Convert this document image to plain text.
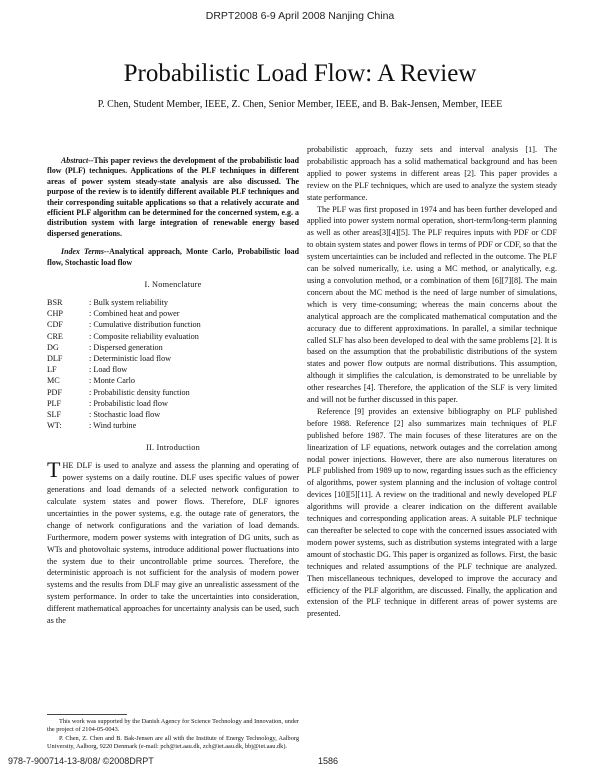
DRPT2008 6-9 April 2008 Nanjing China
Probabilistic Load Flow: A Review
P. Chen, Student Member, IEEE, Z. Chen, Senior Member, IEEE, and B. Bak-Jensen, Member, IEEE

Abstract--This paper reviews the development of the probabilistic load flow (PLF) techniques. Applications of the PLF techniques in different areas of power system steady-state analysis are also discussed. The purpose of the review is to identify different available PLF techniques and their corresponding suitable applications so that a relatively accurate and efficient PLF algorithm can be determined for the concerned system, e.g. a distribution system with large integration of renewable energy based dispersed generations.

Index Terms--Analytical approach, Monte Carlo, Probabilistic load flow, Stochastic load flow

I. Nomenclature
BSR	: Bulk system reliability
CHP	: Combined heat and power
CDF	: Cumulative distribution function
CRE	: Composite reliability evaluation
DG	: Dispersed generation
DLF	: Deterministic load flow
LF	: Load flow
MC	: Monte Carlo
PDF	: Probabilistic density function
PLF	: Probabilistic load flow
SLF	: Stochastic load flow
WT:	: Wind turbine
II. Introduction

THE DLF is used to analyze and assess the planning and operating of power systems on a daily routine. DLF uses specific values of power generations and load demands of a selected network configuration to calculate system states and power flows. Therefore, DLF ignores uncertainties in the power systems, e.g. the outage rate of generators, the change of network configurations and the variation of load demands. Furthermore, modern power systems with integration of DG units, such as WTs and photovoltaic systems, introduce additional power fluctuations into the system due to their uncontrollable prime sources. Therefore, the deterministic approach is not sufficient for the analysis of modern power systems and the results from DLF may give an unrealistic assessment of the system performance. In order to take the uncertainties into consideration, different mathematical approaches for uncertainty analysis can be used, such as the

probabilistic approach, fuzzy sets and interval analysis [1]. The probabilistic approach has a solid mathematical background and has been applied to power systems in different areas [2]. This paper provides a review on the PLF techniques, which are used to analyze the system steady state performance.

The PLF was first proposed in 1974 and has been further developed and applied into power system normal operation, short-term/long-term planning as well as other areas[3][4][5]. The PLF requires inputs with PDF or CDF to obtain system states and power flows in terms of PDF or CDF, so that the system uncertainties can be included and reflected in the outcome. The PLF can be solved numerically, i.e. using a MC method, or analytically, e.g. using a convolution method, or a combination of them [6][7][8]. The main concern about the MC method is the need of large number of simulations, which is very time-consuming; whereas the main concerns about the analytical approach are the complicated mathematical computation and the accuracy due to different approximations. In parallel, a similar technique called SLF has also been developed to deal with the same problems [2]. It is based on the assumption that the probabilistic distributions of the system states and power flow outputs are normal distributions. This assumption, although it simplifies the calculation, is demonstrated to be unreliable by other researches [4]. Therefore, the application of the SLF is very limited and will not be further discussed in this paper.

Reference [9] provides an extensive bibliography on PLF published before 1988. Reference [2] also summarizes main techniques of PLF published before 1987. The main focuses of these literatures are on the linearization of LF equations, network outages and the correlation among nodal power injections. However, there are also numerous literatures on PLF published from 1989 up to now, regarding issues such as the efficiency of algorithms, power system planning and the inclusion of voltage control devices [10][5][11]. A review on the traditional and newly developed PLF algorithms will provide a clearer indication on the different available techniques and corresponding application areas. A suitable PLF technique can thereafter be selected to cope with the concerned issues associated with modern power systems, such as distribution systems integrated with a large amount of stochastic DG. This paper is organized as follows. First, the basic techniques and related assumptions of the PLF technique are analyzed. Then miscellaneous techniques, developed to improve the accuracy and efficiency of the PLF algorithm, are discussed. Finally, the application and extension of the PLF technique in different areas of power systems are presented.

This work was supported by the Danish Agency for Science Technology and Innovation, under the project of 2104-05-0043.

P. Chen, Z. Chen and B. Bak-Jensen are all with the Institute of Energy Technology, Aalborg University, Aalborg, 9220 Denmark (e-mail: pch@iet.aau.dk, zch@iet.aau.dk, bbj@iet.aau.dk).

978-7-900714-13-8/08/ ©2008DRPT	1586
